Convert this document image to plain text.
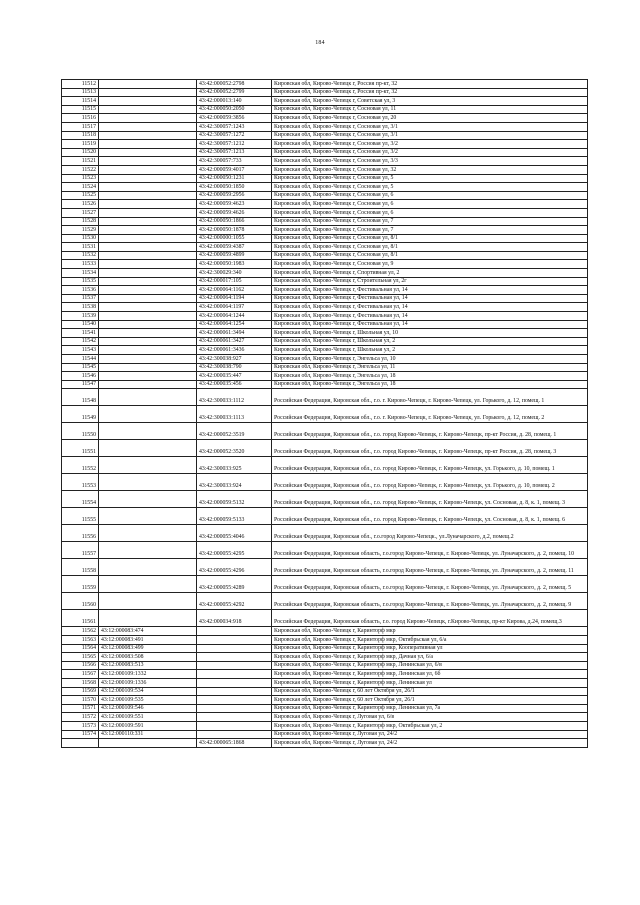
184
11512		43:42:000052:2798	Кировская обл, Кирово-Чепецк г, Россия пр-кт, 32
11513		43:42:000052:2799	Кировская обл, Кирово-Чепецк г, Россия пр-кт, 32
11514		43:42:000013:140	Кировская обл, Кирово-Чепецк г, Советская ул, 3
11515		43:42:000050:2050	Кировская обл, Кирово-Чепецк г, Сосновая ул, 11
11516		43:42:000059:3856	Кировская обл, Кирово-Чепецк г, Сосновая ул, 20
11517		43:42:300057:1243	Кировская обл, Кирово-Чепецк г, Сосновая ул, 3/1
11518		43:42:300057:1272	Кировская обл, Кирово-Чепецк г, Сосновая ул, 3/1
11519		43:42:300057:1212	Кировская обл, Кирово-Чепецк г, Сосновая ул, 3/2
11520		43:42:300057:1213	Кировская обл, Кирово-Чепецк г, Сосновая ул, 3/2
11521		43:42:300057:733	Кировская обл, Кирово-Чепецк г, Сосновая ул, 3/3
11522		43:42:000059:4017	Кировская обл, Кирово-Чепецк г, Сосновая ул, 32
11523		43:42:000050:1231	Кировская обл, Кирово-Чепецк г, Сосновая ул, 5
11524		43:42:000050:1850	Кировская обл, Кирово-Чепецк г, Сосновая ул, 5
11525		43:42:000059:2956	Кировская обл, Кирово-Чепецк г, Сосновая ул, 6
11526		43:42:000059:4623	Кировская обл, Кирово-Чепецк г, Сосновая ул, 6
11527		43:42:000059:4626	Кировская обл, Кирово-Чепецк г, Сосновая ул, 6
11528		43:42:000050:1866	Кировская обл, Кирово-Чепецк г, Сосновая ул, 7
11529		43:42:000050:1878	Кировская обл, Кирово-Чепецк г, Сосновая ул, 7
11530		43:42:000000:1055	Кировская обл, Кирово-Чепецк г, Сосновая ул, 8/1
11531		43:42:000059:4387	Кировская обл, Кирово-Чепецк г, Сосновая ул, 8/1
11532		43:42:000059:4899	Кировская обл, Кирово-Чепецк г, Сосновая ул, 8/1
11533		43:42:000050:1983	Кировская обл, Кирово-Чепецк г, Сосновая ул, 9
11534		43:42:300029:340	Кировская обл, Кирово-Чепецк г, Спортивная ул, 2
11535		43:42:000017:105	Кировская обл, Кирово-Чепецк г, Строительная ул, 2г
11536		43:42:000064:1162	Кировская обл, Кирово-Чепецк г, Фестивальная ул, 14
11537		43:42:000064:1194	Кировская обл, Кирово-Чепецк г, Фестивальная ул, 14
11538		43:42:000064:1197	Кировская обл, Кирово-Чепецк г, Фестивальная ул, 14
11539		43:42:000064:1244	Кировская обл, Кирово-Чепецк г, Фестивальная ул, 14
11540		43:42:000064:1254	Кировская обл, Кирово-Чепецк г, Фестивальная ул, 14
11541		43:42:000061:3494	Кировская обл, Кирово-Чепецк г, Школьная ул, 10
11542		43:42:000061:3427	Кировская обл, Кирово-Чепецк г, Школьная ул, 2
11543		43:42:000061:3436	Кировская обл, Кирово-Чепецк г, Школьная ул, 2
11544		43:42:300038:927	Кировская обл, Кирово-Чепецк г, Энгельса ул, 10
11545		43:42:300038:790	Кировская обл, Кирово-Чепецк г, Энгельса ул, 11
11546		43:42:000035:447	Кировская обл, Кирово-Чепецк г, Энгельса ул, 18
11547		43:42:000035:456	Кировская обл, Кирово-Чепецк г, Энгельса ул, 18
11548		43:42:300033:1112	Российская Федерация, Кировская обл., г.о. г. Кирово-Чепецк, г. Кирово-Чепецк, ул. Горького, д. 12, помещ. 1
11549		43:42:300033:1113	Российская Федерация, Кировская обл., г.о. г. Кирово-Чепецк, г. Кирово-Чепецк, ул. Горького, д. 12, помещ. 2
11550		43:42:000052:3519	Российская Федерация, Кировская обл., г.о. город Кирово-Чепецк, г. Кирово-Чепецк, пр-кт Россия, д. 28, помещ. 1
11551		43:42:000052:3520	Российская Федерация, Кировская обл., г.о. город Кирово-Чепецк, г. Кирово-Чепецк, пр-кт Россия, д. 28, помещ. 3
11552		43:42:300033:925	Российская Федерация, Кировская обл., г.о. город Кирово-Чепецк, г. Кирово-Чепецк, ул. Горького, д. 10, помещ. 1
11553		43:42:300033:924	Российская Федерация, Кировская обл., г.о. город Кирово-Чепецк, г. Кирово-Чепецк, ул. Горького, д. 10, помещ. 2
11554		43:42:000059:5132	Российская Федерация, Кировская обл., г.о. город Кирово-Чепецк, г. Кирово-Чепецк, ул. Сосновая, д. 8, к. 1, помещ. 3
11555		43:42:000059:5133	Российская Федерация, Кировская обл., г.о. город Кирово-Чепецк, г. Кирово-Чепецк, ул. Сосновая, д. 8, к. 1, помещ. 6
11556		43:42:000055:4046	Российская Федерация, Кировская обл., г.о.город Кирово-Чепецк., ул.Луначарского, д.2, помещ.2
11557		43:42:000055:4295	Российская Федерация, Кировская область, г.о.город Кирово-Чепецк, г. Кирово-Чепецк, ул. Луначарского, д. 2, помещ. 10
11558		43:42:000055:4296	Российская Федерация, Кировская область, г.о.город Кирово-Чепецк, г. Кирово-Чепецк, ул. Луначарского, д. 2, помещ. 11
11559		43:42:000055:4289	Российская Федерация, Кировская область, г.о.город Кирово-Чепецк, г. Кирово-Чепецк, ул. Луначарского, д. 2, помещ. 5
11560		43:42:000055:4292	Российская Федерация, Кировская область, г.о.город Кирово-Чепецк, г. Кирово-Чепецк, ул. Луначарского, д. 2, помещ. 9
11561		43:42:000034:918	Российская Федерация, Кировская область, г.о. город Кирово-Чепецк, г.Кирово-Чепецк, пр-кт Кирова, д.24, помещ.3
11562	43:12:000083:474		Кировская обл, Кирово-Чепецк г, Каринторф мкр
11563	43:12:000083:491		Кировская обл, Кирово-Чепецк г, Каринторф мкр, Октябрьская ул, 6/а
11564	43:12:000083:499		Кировская обл, Кирово-Чепецк г, Каринторф мкр, Кооперативная ул
11565	43:12:000083:508		Кировская обл, Кирово-Чепецк г, Каринторф мкр, Дачная ул, 6/а
11566	43:12:000083:513		Кировская обл, Кирово-Чепецк г, Каринторф мкр, Ленинская ул, 6/в
11567	43:12:000109:1332		Кировская обл, Кирово-Чепецк г, Каринторф мкр, Ленинская ул, 6б
11568	43:12:000109:1336		Кировская обл, Кирово-Чепецк г, Каринторф мкр, Ленинская ул
11569	43:12:000109:534		Кировская обл, Кирово-Чепецк г, 60 лет Октября ул, 26/1
11570	43:12:000109:535		Кировская обл, Кирово-Чепецк г, 60 лет Октября ул, 26/1
11571	43:12:000109:546		Кировская обл, Кирово-Чепецк г, Каринторф мкр, Ленинская ул, 7а
11572	43:12:000109:551		Кировская обл, Кирово-Чепецк г, Луговая ул, 6/в
11573	43:12:000109:591		Кировская обл, Кирово-Чепецк г, Каринторф мкр, Октябрьская ул, 2
11574	43:12:000110:331		Кировская обл, Кирово-Чепецк г, Луговая ул, 24/2
		43:42:000065:1868	Кировская обл, Кирово-Чепецк г, Луговая ул, 24/2
